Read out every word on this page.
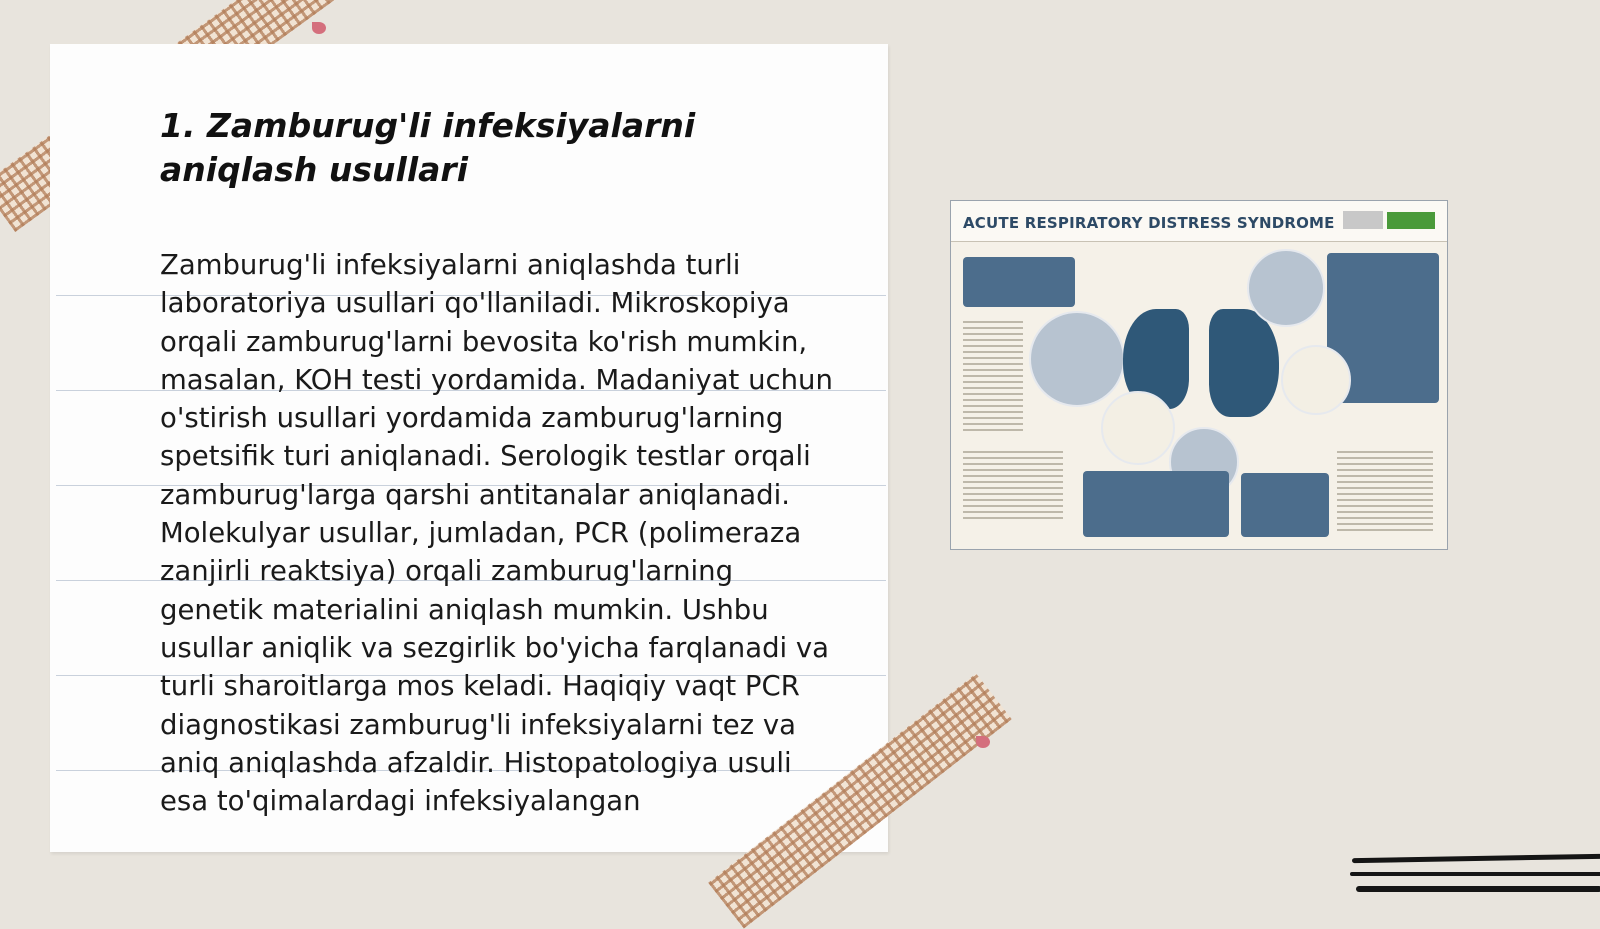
1. Zamburug'li infeksiyalarni aniqlash usullari

Zamburug'li infeksiyalarni aniqlashda turli laboratoriya usullari qo'llaniladi. Mikroskopiya orqali zamburug'larni bevosita ko'rish mumkin, masalan, KOH testi yordamida. Madaniyat uchun o'stirish usullari yordamida zamburug'larning spetsifik turi aniqlanadi. Serologik testlar orqali zamburug'larga qarshi antitanalar aniqlanadi. Molekulyar usullar, jumladan, PCR (polimeraza zanjirli reaktsiya) orqali zamburug'larning genetik materialini aniqlash mumkin. Ushbu usullar aniqlik va sezgirlik bo'yicha farqlanadi va turli sharoitlarga mos keladi. Haqiqiy vaqt PCR diagnostikasi zamburug'li infeksiyalarni tez va aniq aniqlashda afzaldir. Histopatologiya usuli esa to'qimalardagi infeksiyalangan

ACUTE RESPIRATORY DISTRESS SYNDROME
